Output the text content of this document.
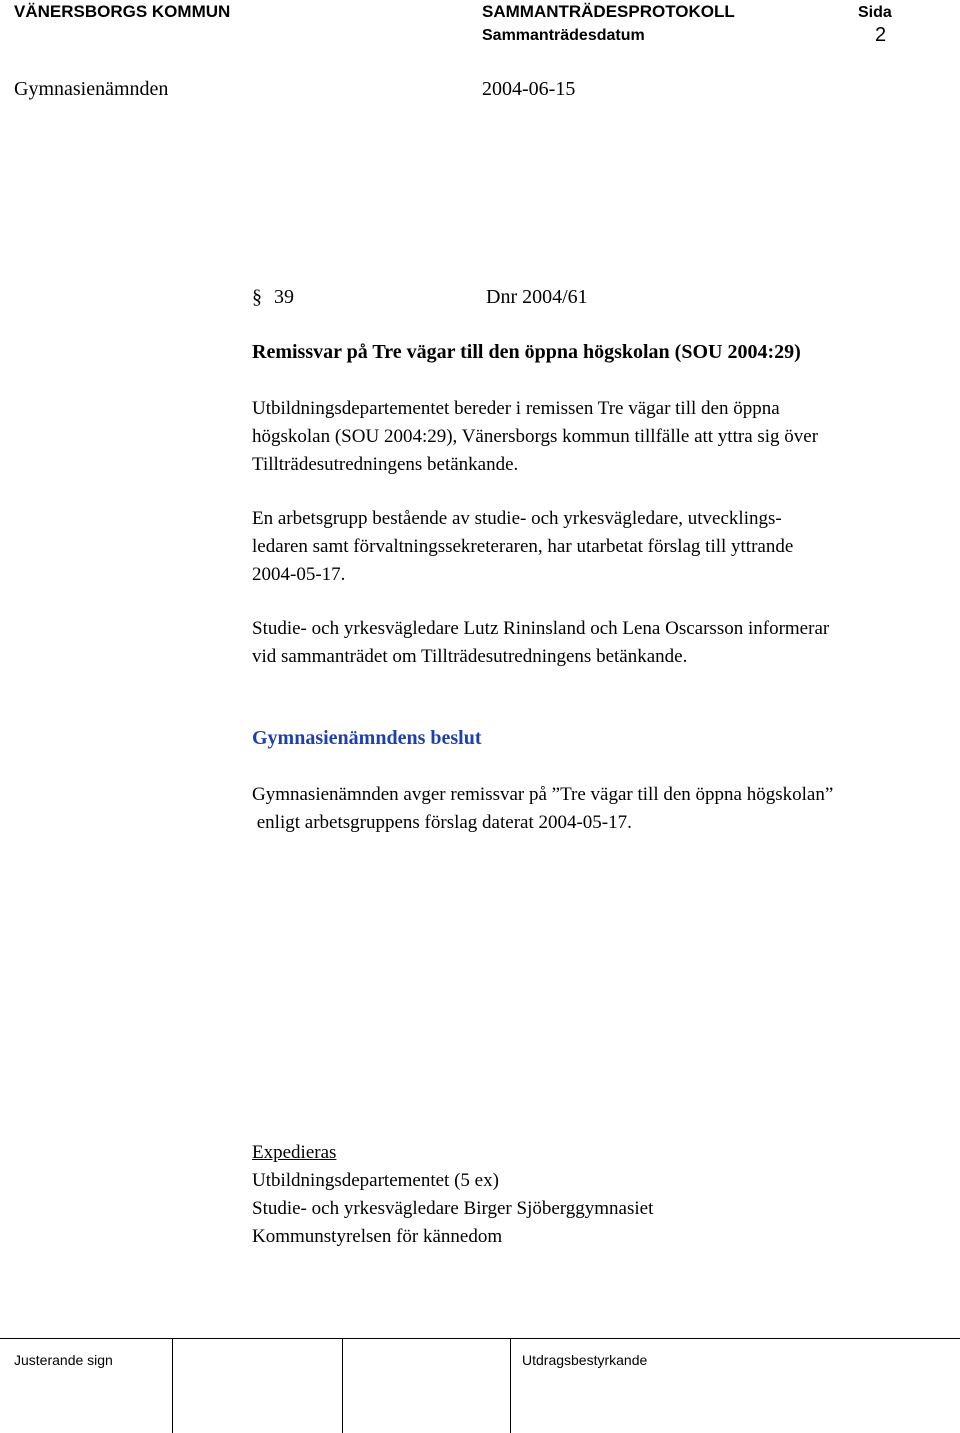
VÄNERSBORGS KOMMUN	SAMMANTRÄDESPROTOKOLL	Sida
Sammanträdesdatum	2
Gymnasienämnden	2004-06-15
§ 39	Dnr 2004/61
Remissvar på Tre vägar till den öppna högskolan (SOU 2004:29)
Utbildningsdepartementet bereder i remissen Tre vägar till den öppna
högskolan (SOU 2004:29), Vänersborgs kommun tillfälle att yttra sig över
Tillträdesutredningens betänkande.
En arbetsgrupp bestående av studie- och yrkesvägledare, utvecklings-
ledaren samt förvaltningssekreteraren, har utarbetat förslag till yttrande
2004-05-17.
Studie- och yrkesvägledare Lutz Rininsland och Lena Oscarsson informerar
vid sammanträdet om Tillträdesutredningens betänkande.
Gymnasienämndens beslut
Gymnasienämnden avger remissvar på ”Tre vägar till den öppna högskolan”
enligt arbetsgruppens förslag daterat 2004-05-17.
Expedieras
Utbildningsdepartementet (5 ex)
Studie- och yrkesvägledare Birger Sjöberggymnasiet
Kommunstyrelsen för kännedom
Justerande sign	Utdragsbestyrkande
